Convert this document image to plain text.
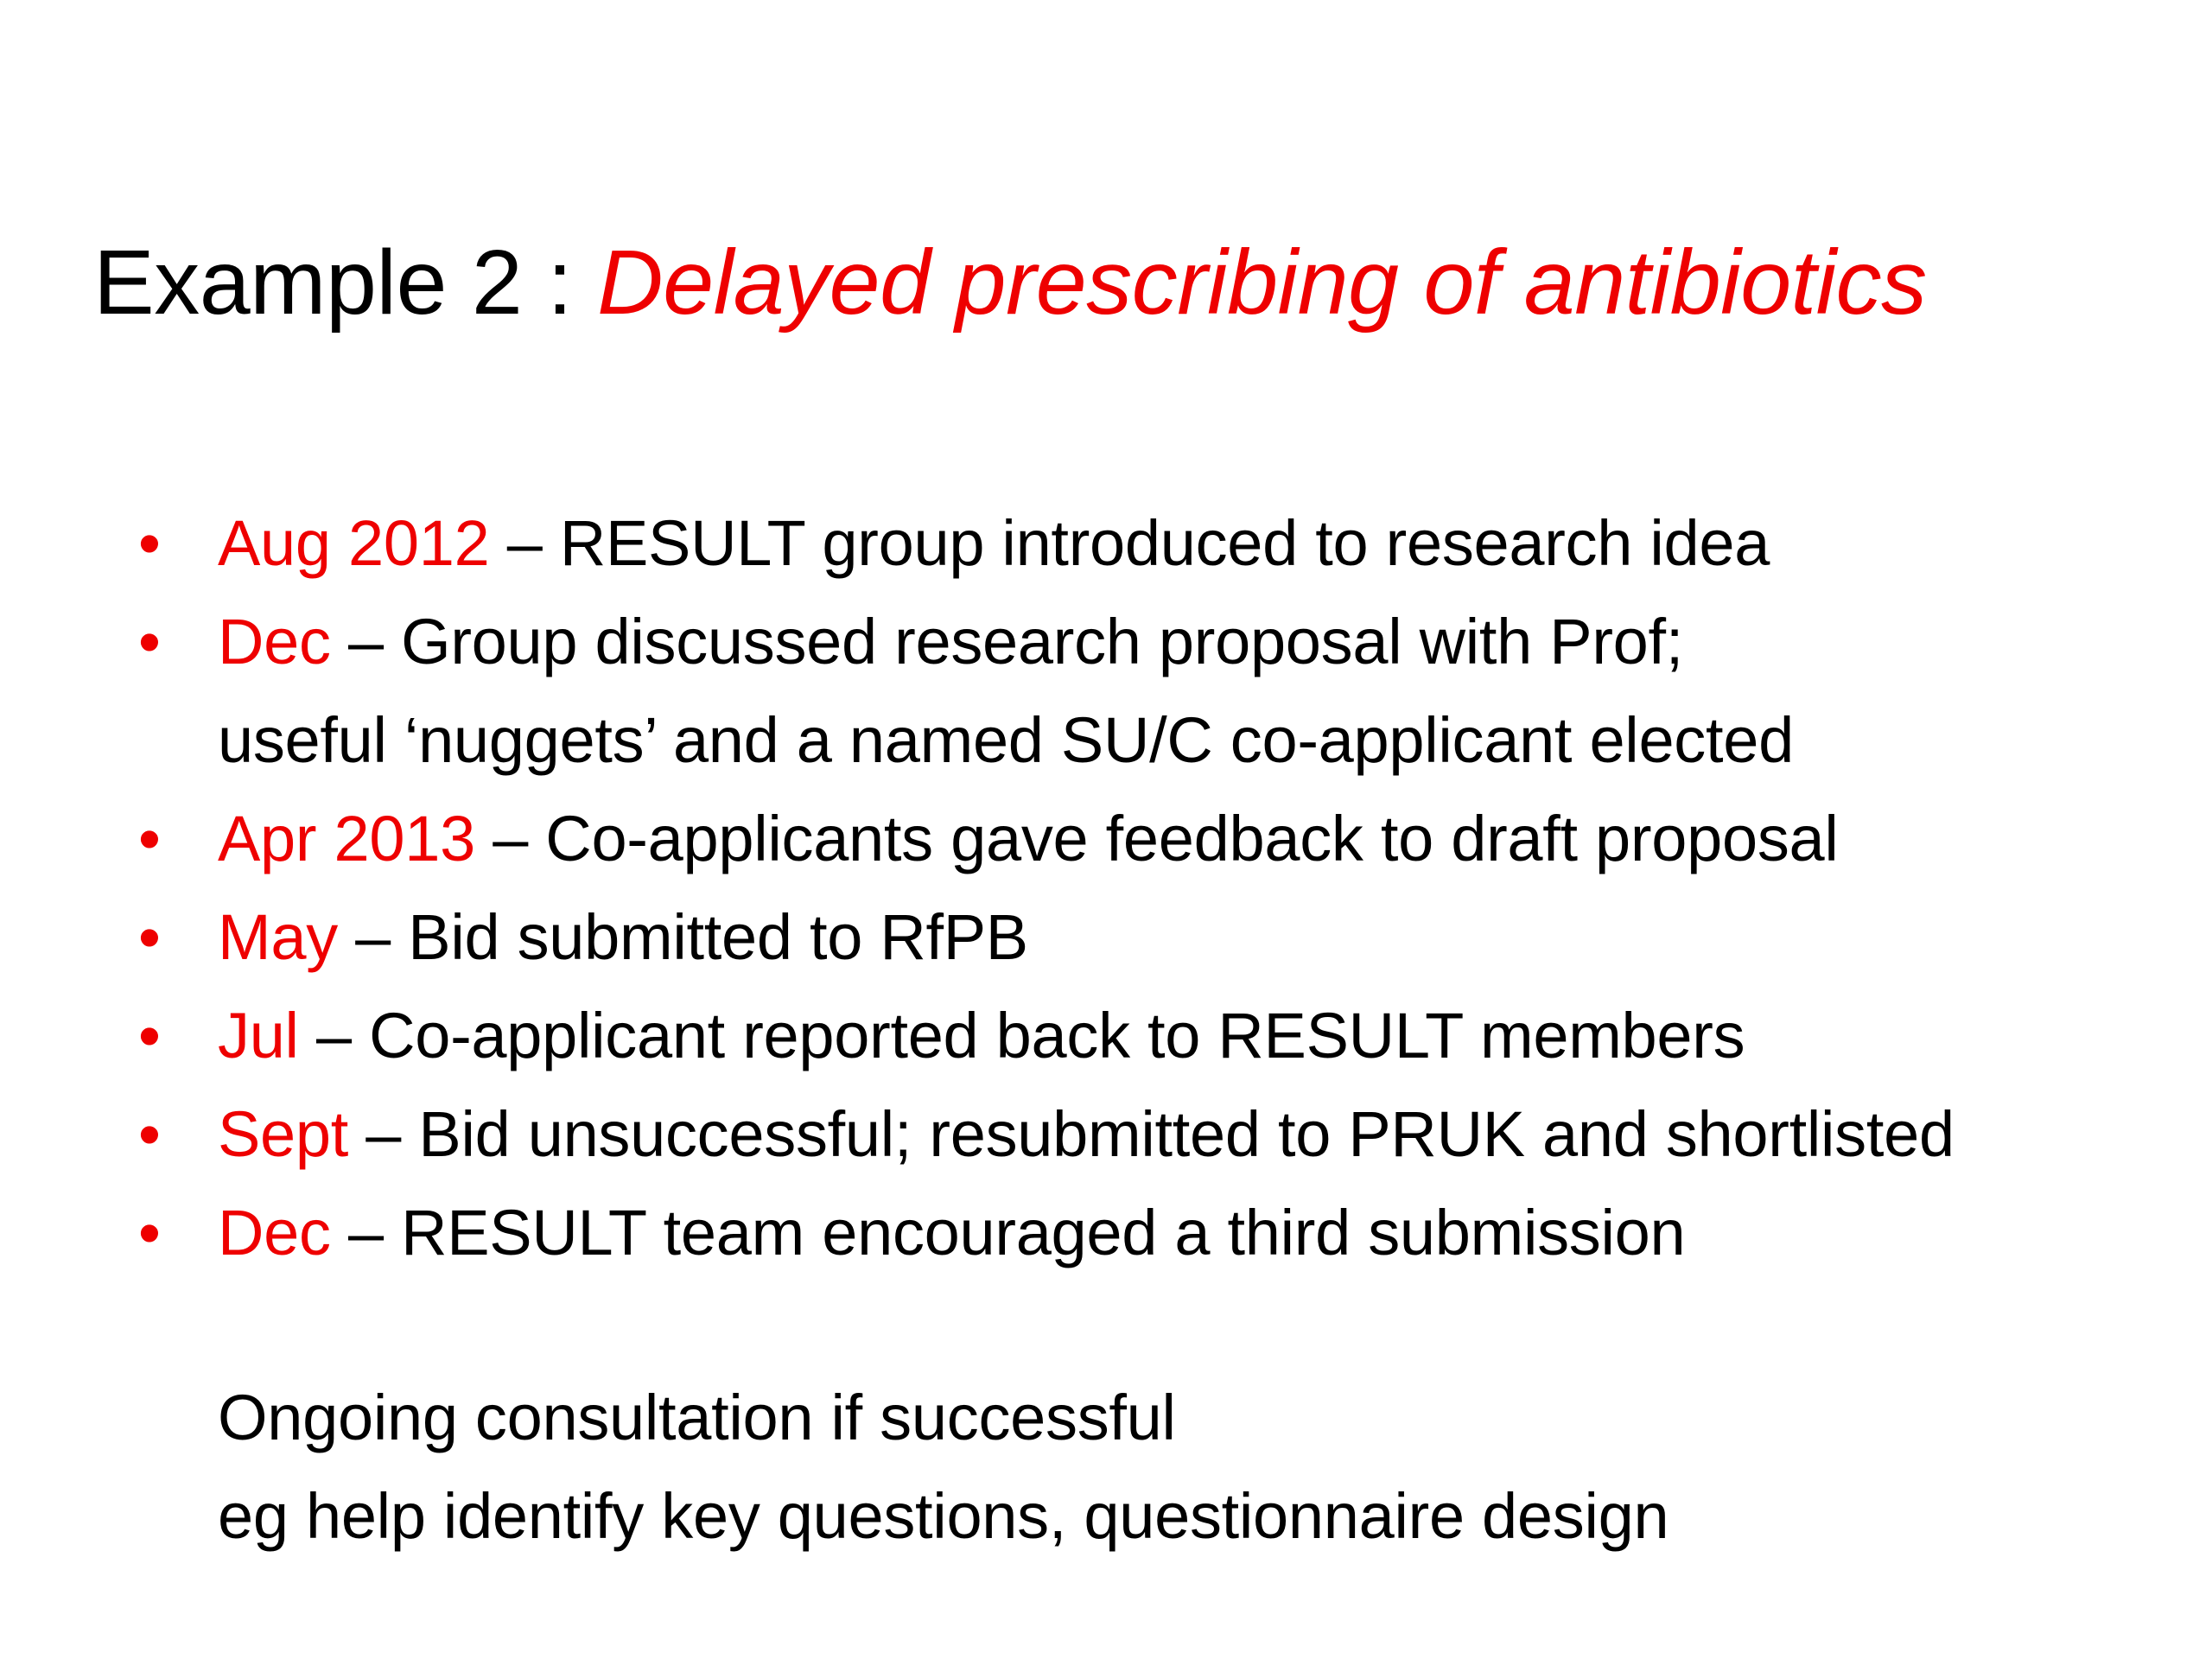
Example 2 : Delayed prescribing of antibiotics
• Aug 2012 – RESULT group introduced to research idea
• Dec – Group discussed research proposal with Prof;
useful ‘nuggets’ and a named SU/C co-applicant elected
• Apr 2013 – Co-applicants gave feedback to draft proposal
• May – Bid submitted to RfPB
• Jul – Co-applicant reported back to RESULT members
• Sept – Bid unsuccessful; resubmitted to PRUK and shortlisted
• Dec – RESULT team encouraged a third submission
Ongoing consultation if successful
eg help identify key questions, questionnaire design
